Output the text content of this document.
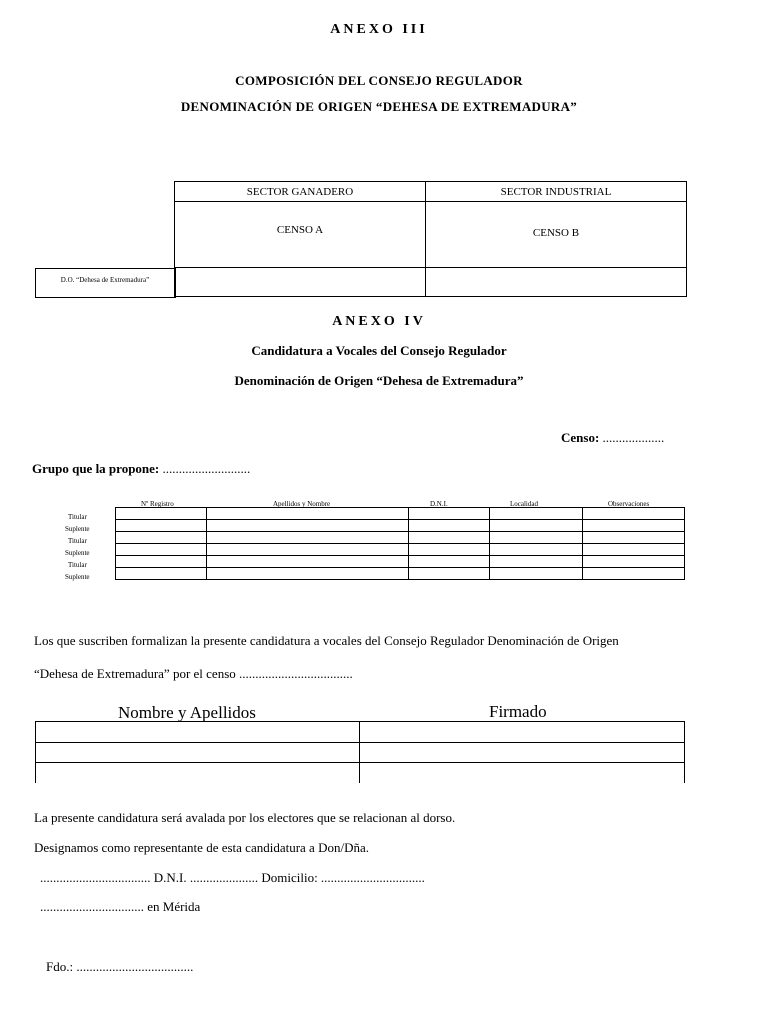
ANEXO III
COMPOSICIÓN DEL CONSEJO REGULADOR
DENOMINACIÓN DE ORIGEN “DEHESA DE EXTREMADURA”
SECTOR GANADERO	SECTOR INDUSTRIAL
CENSO A	CENSO B

D.O. “Dehesa de Extremadura”
ANEXO IV
Candidatura a Vocales del Consejo Regulador
Denominación de Origen “Dehesa de Extremadura”
Censo: ...................
Grupo que la propone: ...........................
Nº Registro	Apellidos y Nombre	D.N.I.	Localidad	Observaciones
Titular
Suplente
Titular
Suplente
Titular
Suplente

Los que suscriben formalizan la presente candidatura a vocales del Consejo Regulador Denominación de Origen
“Dehesa de Extremadura” por el censo ...................................
Nombre y Apellidos	Firmado

La presente candidatura será avalada por los electores que se relacionan al dorso.
Designamos como representante de esta candidatura a Don/Dña.
.................................. D.N.I. ..................... Domicilio: ................................
................................ en Mérida
Fdo.: ....................................
